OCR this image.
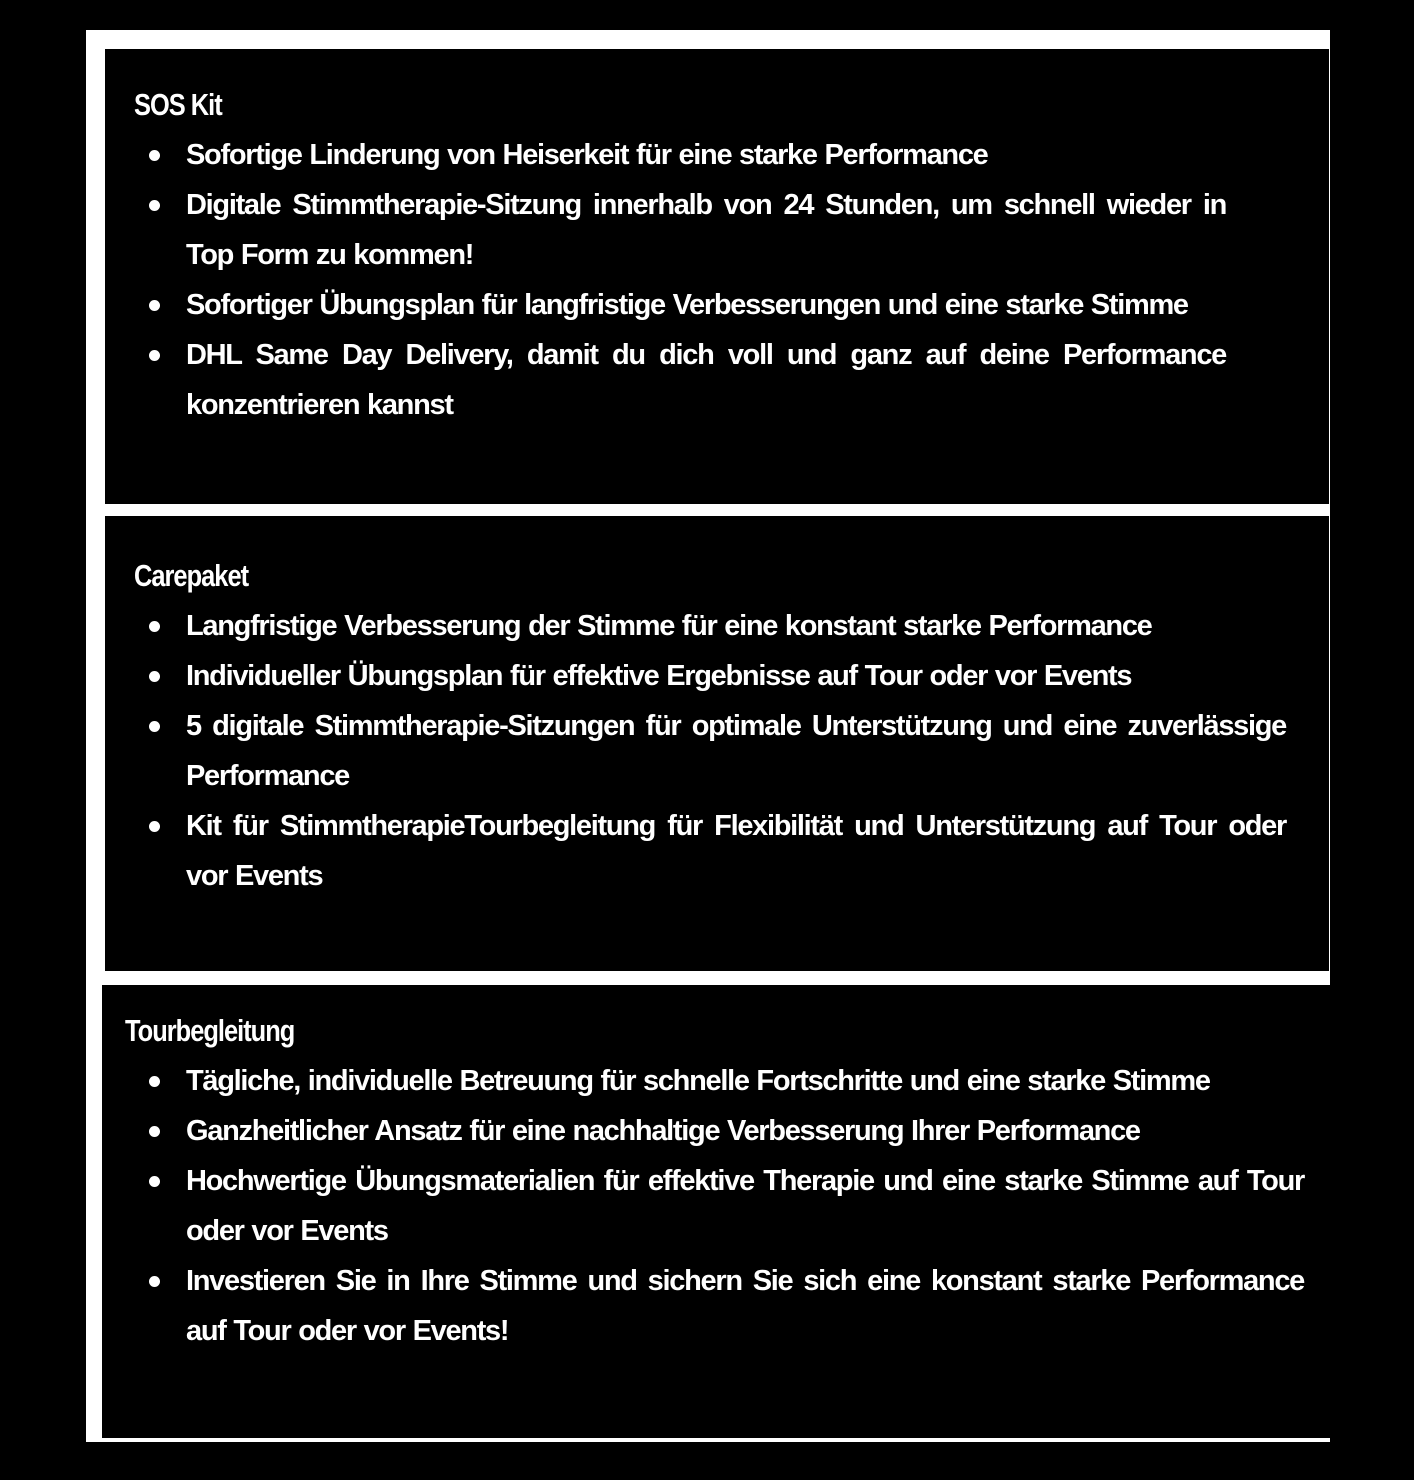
SOS Kit
Sofortige Linderung von Heiserkeit für eine starke Performance
Digitale Stimmtherapie-Sitzung innerhalb von 24 Stunden, um schnell wieder in Top Form zu kommen!
Sofortiger Übungsplan für langfristige Verbesserungen und eine starke Stimme
DHL Same Day Delivery, damit du dich voll und ganz auf deine Performance konzentrieren kannst
Carepaket
Langfristige Verbesserung der Stimme für eine konstant starke Performance
Individueller Übungsplan für effektive Ergebnisse auf Tour oder vor Events
5 digitale Stimmtherapie-Sitzungen für optimale Unterstützung und eine zuverlässige Performance
Kit für StimmtherapieTourbegleitung für Flexibilität und Unterstützung auf Tour oder vor Events
Tourbegleitung
Tägliche, individuelle Betreuung für schnelle Fortschritte und eine starke Stimme
Ganzheitlicher Ansatz für eine nachhaltige Verbesserung Ihrer Performance
Hochwertige Übungsmaterialien für effektive Therapie und eine starke Stimme auf Tour oder vor Events
Investieren Sie in Ihre Stimme und sichern Sie sich eine konstant starke Performance auf Tour oder vor Events!
